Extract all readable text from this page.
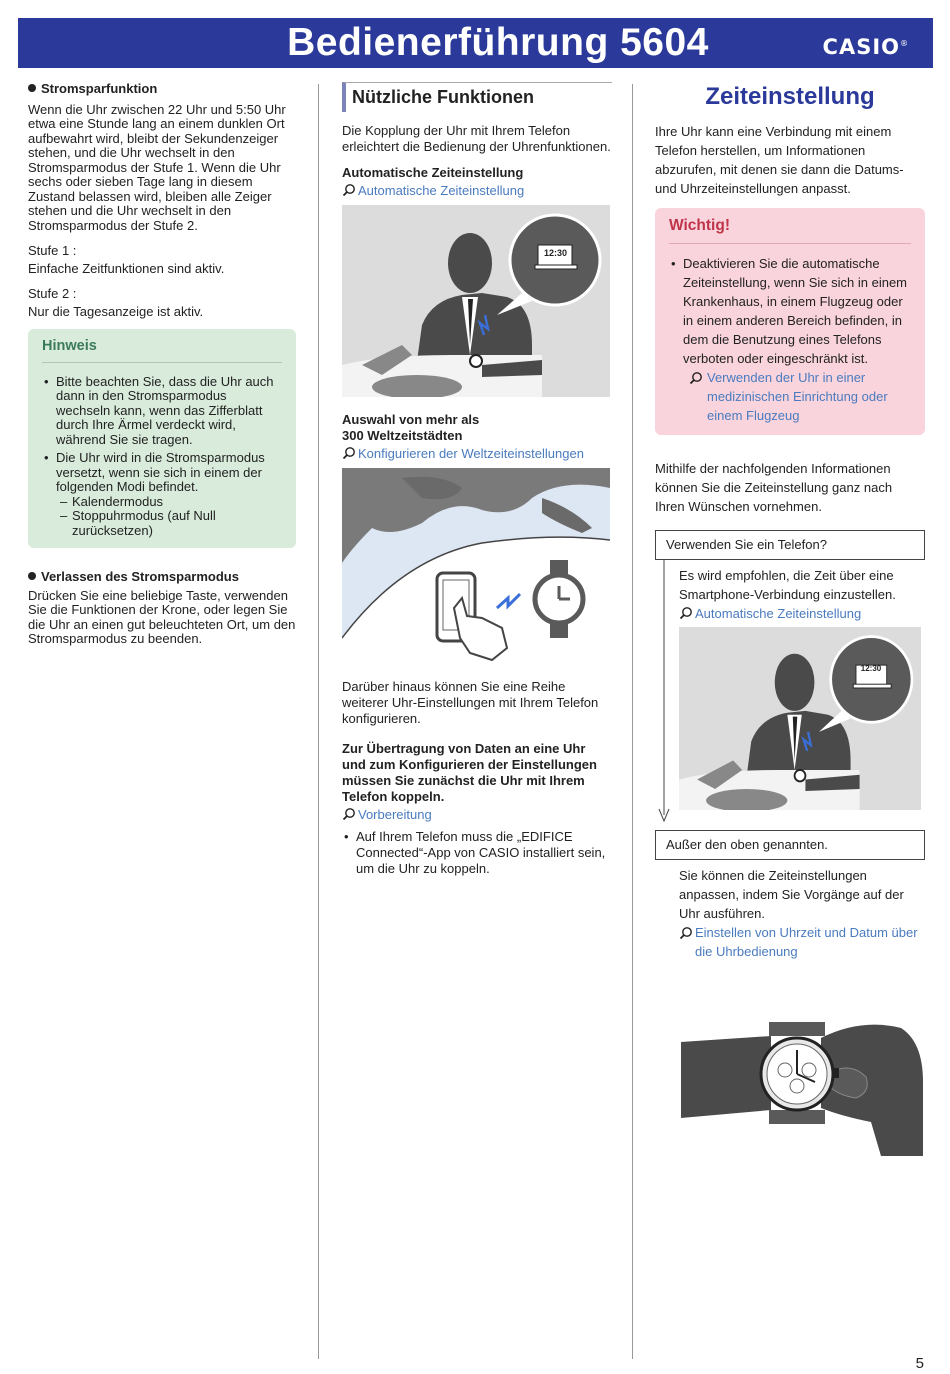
Bedienerführung 5604	CASIO®

Stromsparfunktion

Wenn die Uhr zwischen 22 Uhr und 5:50 Uhr etwa eine Stunde lang an einem dunklen Ort aufbewahrt wird, bleibt der Sekundenzeiger stehen, und die Uhr wechselt in den Stromsparmodus der Stufe 1. Wenn die Uhr sechs oder sieben Tage lang in diesem Zustand belassen wird, bleiben alle Zeiger stehen und die Uhr wechselt in den Stromsparmodus der Stufe 2.

Stufe 1 :

Einfache Zeitfunktionen sind aktiv.

Stufe 2 :

Nur die Tagesanzeige ist aktiv.

Hinweis
• Bitte beachten Sie, dass die Uhr auch dann in den Stromsparmodus wechseln kann, wenn das Zifferblatt durch Ihre Ärmel verdeckt wird, während Sie sie tragen.
• Die Uhr wird in die Stromsparmodus versetzt, wenn sie sich in einem der folgenden Modi befindet.
– Kalendermodus
– Stoppuhrmodus (auf Null zurücksetzen)

Verlassen des Stromsparmodus

Drücken Sie eine beliebige Taste, verwenden Sie die Funktionen der Krone, oder legen Sie die Uhr an einen gut beleuchteten Ort, um den Stromsparmodus zu beenden.

Nützliche Funktionen

Die Kopplung der Uhr mit Ihrem Telefon erleichtert die Bedienung der Uhrenfunktionen.

Automatische Zeiteinstellung

Automatische Zeiteinstellung

12:30

Auswahl von mehr als
300 Weltzeitstädten

Konfigurieren der Weltzeiteinstellungen

Darüber hinaus können Sie eine Reihe weiterer Uhr-Einstellungen mit Ihrem Telefon konfigurieren.

Zur Übertragung von Daten an eine Uhr und zum Konfigurieren der Einstellungen müssen Sie zunächst die Uhr mit Ihrem Telefon koppeln.

Vorbereitung

• Auf Ihrem Telefon muss die „EDIFICE Connected“-App von CASIO installiert sein, um die Uhr zu koppeln.
Zeiteinstellung

Ihre Uhr kann eine Verbindung mit einem Telefon herstellen, um Informationen abzurufen, mit denen sie dann die Datums- und Uhrzeiteinstellungen anpasst.

Wichtig!
• Deaktivieren Sie die automatische Zeiteinstellung, wenn Sie sich in einem Krankenhaus, in einem Flugzeug oder in einem anderen Bereich befinden, in dem die Benutzung eines Telefons verboten oder eingeschränkt ist.
Verwenden der Uhr in einer medizinischen Einrichtung oder einem Flugzeug

Mithilfe der nachfolgenden Informationen können Sie die Zeiteinstellung ganz nach Ihren Wünschen vornehmen.

Verwenden Sie ein Telefon?

Es wird empfohlen, die Zeit über eine Smartphone-Verbindung einzustellen.

Automatische Zeiteinstellung

12:30
Außer den oben genannten.

Sie können die Zeiteinstellungen anpassen, indem Sie Vorgänge auf der Uhr ausführen.

Einstellen von Uhrzeit und Datum über die Uhrbedienung
5
